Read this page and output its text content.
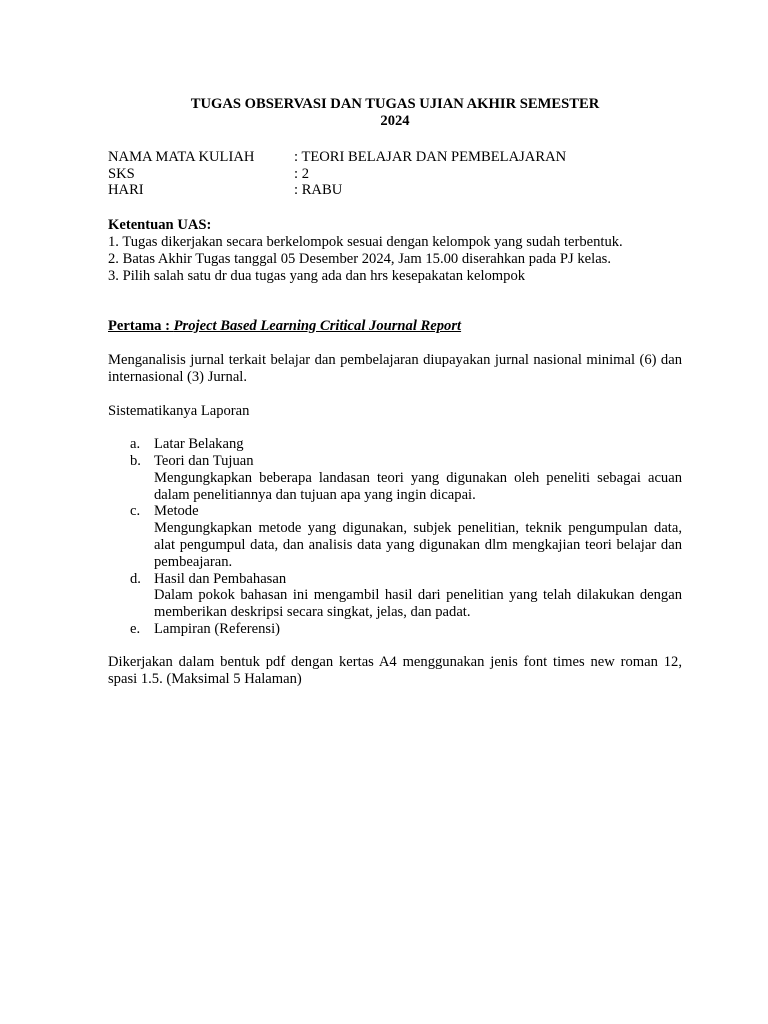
TUGAS OBSERVASI DAN TUGAS UJIAN AKHIR SEMESTER

2024

NAMA MATA KULIAH	: TEORI BELAJAR DAN PEMBELAJARAN
SKS	: 2
HARI	: RABU
Ketentuan UAS:
1. Tugas dikerjakan secara berkelompok sesuai dengan kelompok yang sudah terbentuk.
2. Batas Akhir Tugas tanggal 05 Desember 2024, Jam 15.00 diserahkan pada PJ kelas.
3. Pilih salah satu dr dua tugas yang ada dan hrs kesepakatan kelompok
Pertama : Project Based Learning Critical Journal Report
Menganalisis jurnal terkait belajar dan pembelajaran diupayakan jurnal nasional minimal (6) dan internasional (3) Jurnal.
Sistematikanya Laporan
a. Latar Belakang
b. Teori dan Tujuan
Mengungkapkan beberapa landasan teori yang digunakan oleh peneliti sebagai acuan dalam penelitiannya dan tujuan apa yang ingin dicapai.
c. Metode
Mengungkapkan metode yang digunakan, subjek penelitian, teknik pengumpulan data, alat pengumpul data, dan analisis data yang digunakan dlm mengkajian teori belajar dan pembeajaran.
d. Hasil dan Pembahasan
Dalam pokok bahasan ini mengambil hasil dari penelitian yang telah dilakukan dengan memberikan deskripsi secara singkat, jelas, dan padat.
e. Lampiran (Referensi)
Dikerjakan dalam bentuk pdf dengan kertas A4 menggunakan jenis font times new roman 12, spasi 1.5. (Maksimal 5 Halaman)
